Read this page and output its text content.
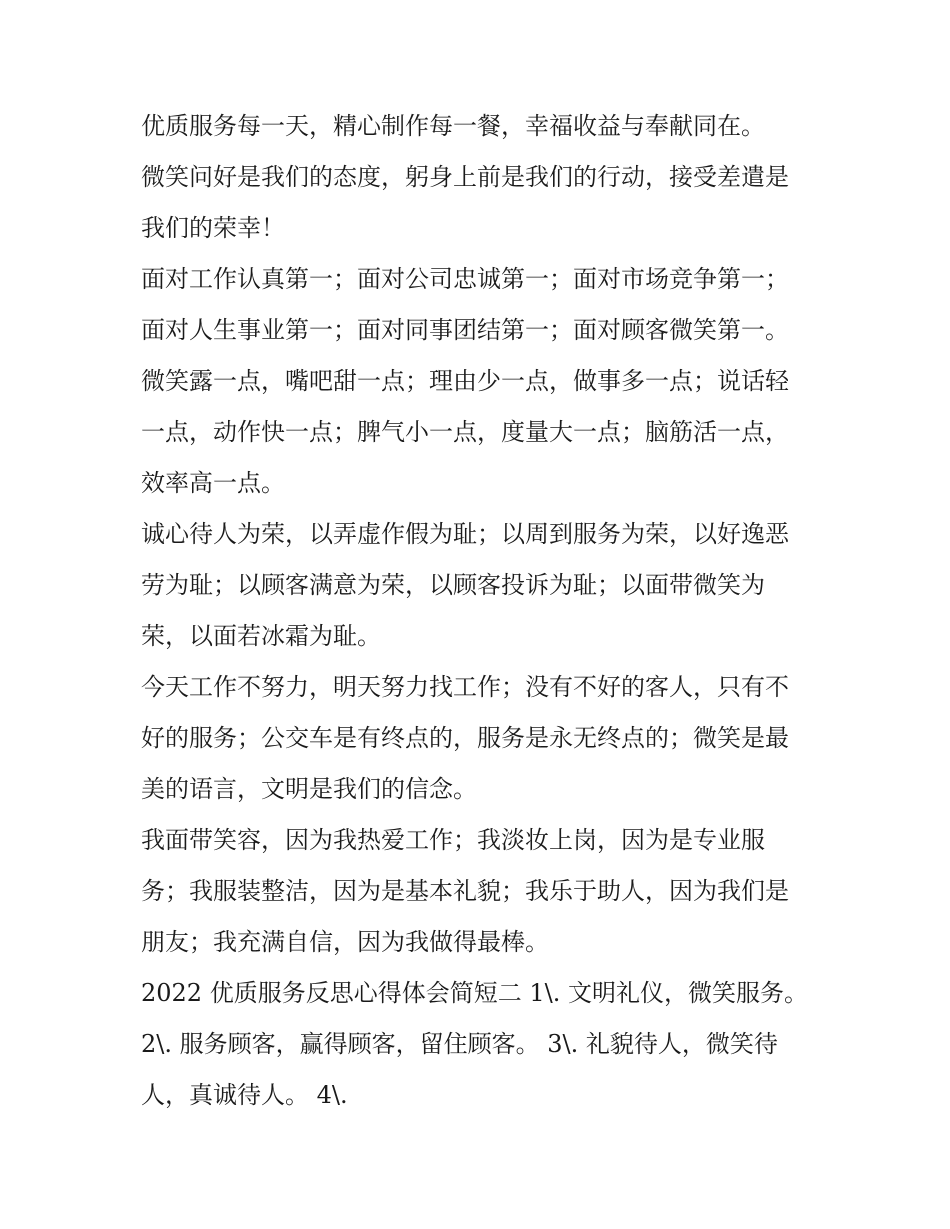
优质服务每一天，精心制作每一餐，幸福收益与奉献同在。
微笑问好是我们的态度，躬身上前是我们的行动，接受差遣是
我们的荣幸！
面对工作认真第一；面对公司忠诚第一；面对市场竞争第一；
面对人生事业第一；面对同事团结第一；面对顾客微笑第一。
微笑露一点，嘴吧甜一点；理由少一点，做事多一点；说话轻
一点，动作快一点；脾气小一点，度量大一点；脑筋活一点，
效率高一点。
诚心待人为荣，以弄虚作假为耻；以周到服务为荣，以好逸恶
劳为耻；以顾客满意为荣，以顾客投诉为耻；以面带微笑为
荣，以面若冰霜为耻。
今天工作不努力，明天努力找工作；没有不好的客人，只有不
好的服务；公交车是有终点的，服务是永无终点的；微笑是最
美的语言，文明是我们的信念。
我面带笑容，因为我热爱工作；我淡妆上岗，因为是专业服
务；我服装整洁，因为是基本礼貌；我乐于助人，因为我们是
朋友；我充满自信，因为我做得最棒。
2022 优质服务反思心得体会简短二 1\. 文明礼仪，微笑服务。
2\. 服务顾客，赢得顾客，留住顾客。 3\. 礼貌待人，微笑待
人，真诚待人。 4\.
